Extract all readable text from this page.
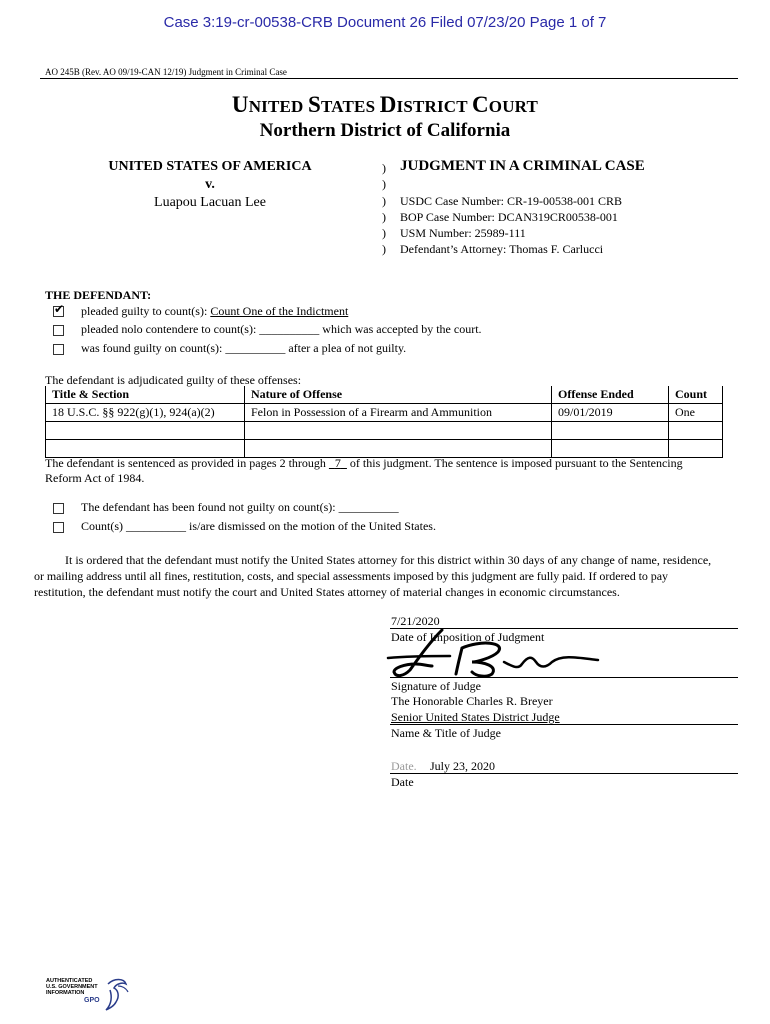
Case 3:19-cr-00538-CRB Document 26 Filed 07/23/20 Page 1 of 7
AO 245B (Rev. AO 09/19-CAN 12/19) Judgment in Criminal Case
UNITED STATES DISTRICT COURT
Northern District of California
UNITED STATES OF AMERICA
v.
Luapou Lacuan Lee
)
)
)
)
)
)
JUDGMENT IN A CRIMINAL CASE
USDC Case Number: CR-19-00538-001 CRB
BOP Case Number: DCAN319CR00538-001
USM Number: 25989-111
Defendant’s Attorney: Thomas F. Carlucci
THE DEFENDANT:
✔ pleaded guilty to count(s): Count One of the Indictment
pleaded nolo contendere to count(s): __________ which was accepted by the court.
was found guilty on count(s): __________ after a plea of not guilty.
The defendant is adjudicated guilty of these offenses:
Title & Section	Nature of Offense	Offense Ended	Count
18 U.S.C. §§ 922(g)(1), 924(a)(2)	Felon in Possession of a Firearm and Ammunition	09/01/2019	One

The defendant is sentenced as provided in pages 2 through   7   of this judgment. The sentence is imposed pursuant to the Sentencing
Reform Act of 1984.
The defendant has been found not guilty on count(s): __________
Count(s) __________ is/are dismissed on the motion of the United States.
It is ordered that the defendant must notify the United States attorney for this district within 30 days of any change of name, residence,
or mailing address until all fines, restitution, costs, and special assessments imposed by this judgment are fully paid. If ordered to pay
restitution, the defendant must notify the court and United States attorney of material changes in economic circumstances.
7/21/2020
Date of Imposition of Judgment
Signature of Judge
The Honorable Charles R. Breyer
Senior United States District Judge
Name & Title of Judge
Date. July 23, 2020
Date
AUTHENTICATED
U.S. GOVERNMENT
INFORMATION
GPO
